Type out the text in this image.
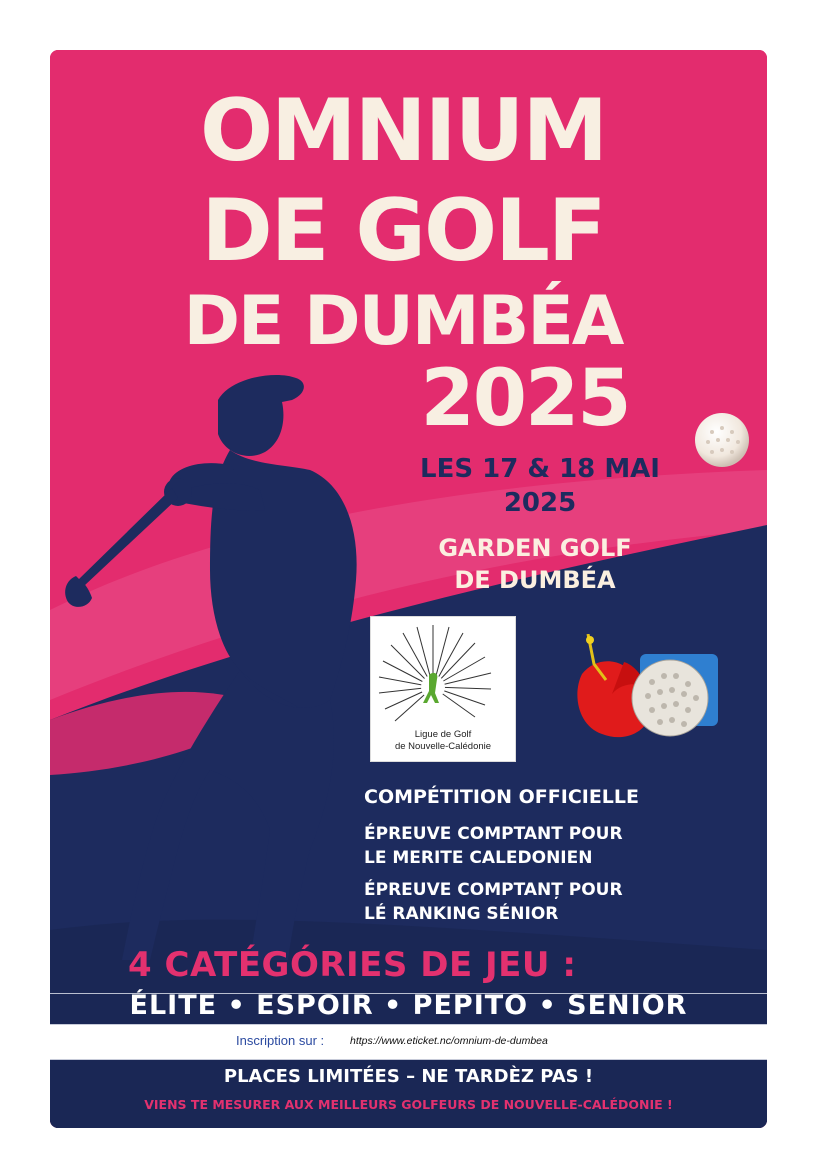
OMNIUM
DE GOLF
DE DUMBÉA
2025
LES 17 & 18 MAI
2025
GARDEN GOLF
DE DUMBÉA
Ligue de Golf
de Nouvelle-Calédonie
COMPÉTITION OFFICIELLE
ÉPREUVE COMPTANT POUR
LE MERITE CALEDONIEN
ÉPREUVE COMPTANȚ POUR
LÉ RANKING SÉNIOR
4 CATÉGÓRIES DE JEU :
ÉLITE • ESPOIR • PEPITO • SENIOR
Inscription sur : https://www.eticket.nc/omnium-de-dumbea
PLACES LIMITÉES – NE TARDÈZ PAS !
VIENS TE MESURER AUX MEILLEURS GOLFEURS DE NOUVELLE-CALÉDONIE !
